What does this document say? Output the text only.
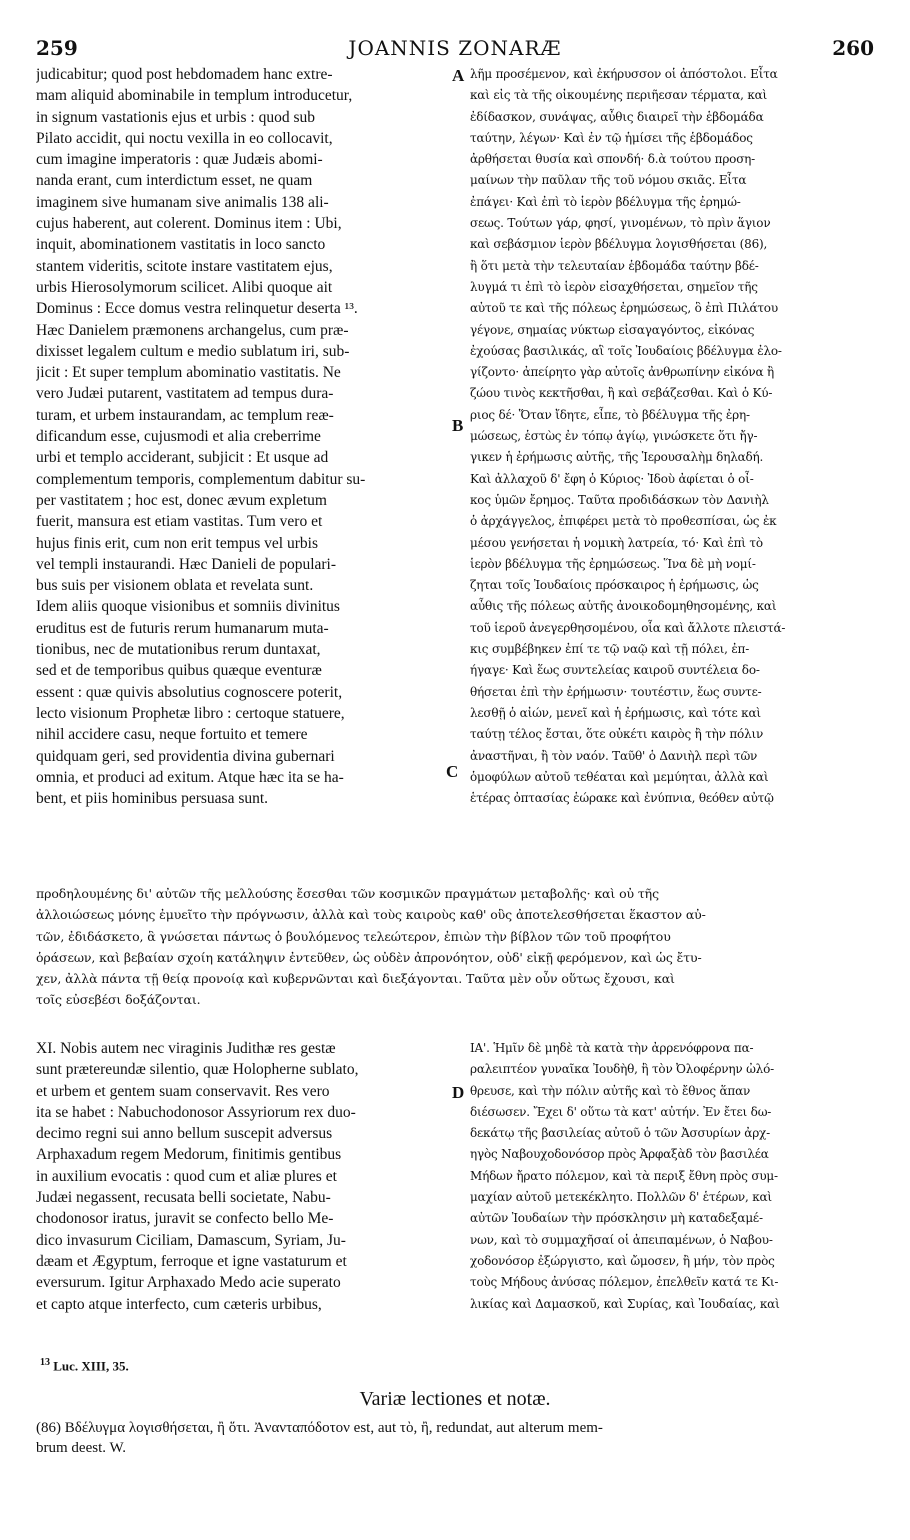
259	JOANNIS ZONARÆ	260
A
B
C
D
judicabitur; quod post hebdomadem hanc extre-
mam aliquid abominabile in templum introducetur,
in signum vastationis ejus et urbis : quod sub
Pilato accidit, qui noctu vexilla in eo collocavit,
cum imagine imperatoris : quæ Judæis abomi-
nanda erant, cum interdictum esset, ne quam
imaginem sive humanam sive animalis 138 ali-
cujus haberent, aut colerent. Dominus item : Ubi,
inquit, abominationem vastitatis in loco sancto
stantem videritis, scitote instare vastitatem ejus,
urbis Hierosolymorum scilicet. Alibi quoque ait
Dominus : Ecce domus vestra relinquetur deserta ¹³.
Hæc Danielem præmonens archangelus, cum præ-
dixisset legalem cultum e medio sublatum iri, sub-
jicit : Et super templum abominatio vastitatis. Ne
vero Judæi putarent, vastitatem ad tempus dura-
turam, et urbem instaurandam, ac templum reæ-
dificandum esse, cujusmodi et alia creberrime
urbi et templo acciderant, subjicit : Et usque ad
complementum temporis, complementum dabitur su-
per vastitatem ; hoc est, donec ævum expletum
fuerit, mansura est etiam vastitas. Tum vero et
hujus finis erit, cum non erit tempus vel urbis
vel templi instaurandi. Hæc Danieli de populari-
bus suis per visionem oblata et revelata sunt.
Idem aliis quoque visionibus et somniis divinitus
eruditus est de futuris rerum humanarum muta-
tionibus, nec de mutationibus rerum duntaxat,
sed et de temporibus quibus quæque eventuræ
essent : quæ quivis absolutius cognoscere poterit,
lecto visionum Prophetæ libro : certoque statuere,
nihil accidere casu, neque fortuito et temere
quidquam geri, sed providentia divina gubernari
omnia, et produci ad exitum. Atque hæc ita se ha-
bent, et piis hominibus persuasa sunt.
λῆμ προσέμενον, καὶ ἐκήρυσσον οἱ ἀπόστολοι. Εἶτα
καὶ εἰς τὰ τῆς οἰκουμένης περιῆεσαν τέρματα, καὶ
ἐδίδασκον, συνάψας, αὖθις διαιρεῖ τὴν ἑβδομάδα
ταύτην, λέγων· Καὶ ἐν τῷ ἡμίσει τῆς ἑβδομάδος
ἀρθήσεται θυσία καὶ σπονδή· δ.ὰ τούτου προση-
μαίνων τὴν παῦλαν τῆς τοῦ νόμου σκιᾶς. Εἶτα
ἐπάγει· Καὶ ἐπὶ τὸ ἱερὸν βδέλυγμα τῆς ἐρημώ-
σεως. Τούτων γάρ, φησί, γινομένων, τὸ πρὶν ἅγιον
καὶ σεβάσμιον ἱερὸν βδέλυγμα λογισθήσεται (86),
ἢ ὅτι μετὰ τὴν τελευταίαν ἑβδομάδα ταύτην βδέ-
λυγμά τι ἐπὶ τὸ ἱερὸν εἰσαχθήσεται, σημεῖον τῆς
αὐτοῦ τε καὶ τῆς πόλεως ἐρημώσεως, ὃ ἐπὶ Πιλάτου
γέγονε, σημαίας νύκτωρ εἰσαγαγόντος, εἰκόνας
ἐχούσας βασιλικάς, αἳ τοῖς Ἰουδαίοις βδέλυγμα ἐλο-
γίζοντο· ἀπείρητο γὰρ αὐτοῖς ἀνθρωπίνην εἰκόνα ἢ
ζώου τινὸς κεκτῆσθαι, ἢ καὶ σεβάζεσθαι. Καὶ ὁ Κύ-
ριος δέ· Ὅταν ἴδητε, εἶπε, τὸ βδέλυγμα τῆς ἐρη-
μώσεως, ἑστὼς ἐν τόπῳ ἁγίῳ, γινώσκετε ὅτι ἤγ-
γικεν ἡ ἐρήμωσις αὐτῆς, τῆς Ἱερουσαλὴμ δηλαδή.
Καὶ ἀλλαχοῦ δ' ἔφη ὁ Κύριος· Ἰδοὺ ἀφίεται ὁ οἶ-
κος ὑμῶν ἔρημος. Ταῦτα προδιδάσκων τὸν Δανιὴλ
ὁ ἀρχάγγελος, ἐπιφέρει μετὰ τὸ προθεσπίσαι, ὡς ἐκ
μέσου γενήσεται ἡ νομικὴ λατρεία, τό· Καὶ ἐπὶ τὸ
ἱερὸν βδέλυγμα τῆς ἐρημώσεως. Ἵνα δὲ μὴ νομί-
ζηται τοῖς Ἰουδαίοις πρόσκαιρος ἡ ἐρήμωσις, ὡς
αὖθις τῆς πόλεως αὐτῆς ἀνοικοδομηθησομένης, καὶ
τοῦ ἱεροῦ ἀνεγερθησομένου, οἷα καὶ ἄλλοτε πλειστά-
κις συμβέβηκεν ἐπί τε τῷ ναῷ καὶ τῇ πόλει, ἐπ-
ήγαγε· Καὶ ἕως συντελείας καιροῦ συντέλεια δο-
θήσεται ἐπὶ τὴν ἐρήμωσιν· τουτέστιν, ἕως συντε-
λεσθῇ ὁ αἰών, μενεῖ καὶ ἡ ἐρήμωσις, καὶ τότε καὶ
ταύτῃ τέλος ἔσται, ὅτε οὐκέτι καιρὸς ἢ τὴν πόλιν
ἀναστῆναι, ἢ τὸν ναόν. Ταῦθ' ὁ Δανιὴλ περὶ τῶν
ὁμοφύλων αὐτοῦ τεθέαται καὶ μεμύηται, ἀλλὰ καὶ
ἑτέρας ὀπτασίας ἑώρακε καὶ ἐνύπνια, θεόθεν αὐτῷ
προδηλουμένης δι' αὐτῶν τῆς μελλούσης ἔσεσθαι τῶν κοσμικῶν πραγμάτων μεταβολῆς· καὶ οὐ τῆς
ἀλλοιώσεως μόνης ἐμυεῖτο τὴν πρόγνωσιν, ἀλλὰ καὶ τοὺς καιροὺς καθ' οὓς ἀποτελεσθήσεται ἕκαστον αὐ-
τῶν, ἐδιδάσκετο, ἃ γνώσεται πάντως ὁ βουλόμενος τελεώτερον, ἐπιὼν τὴν βίβλον τῶν τοῦ προφήτου
ὁράσεων, καὶ βεβαίαν σχοίη κατάληψιν ἐντεῦθεν, ὡς οὐδὲν ἀπρονόητον, οὐδ' εἰκῇ φερόμενον, καὶ ὡς ἔτυ-
χεν, ἀλλὰ πάντα τῇ θείᾳ προνοίᾳ καὶ κυβερνῶνται καὶ διεξάγονται. Ταῦτα μὲν οὖν οὕτως ἔχουσι, καὶ
τοῖς εὐσεβέσι δοξάζονται.
XI. Nobis autem nec viraginis Judithæ res gestæ
sunt prætereundæ silentio, quæ Holopherne sublato,
et urbem et gentem suam conservavit. Res vero
ita se habet : Nabuchodonosor Assyriorum rex duo-
decimo regni sui anno bellum suscepit adversus
Arphaxadum regem Medorum, finitimis gentibus
in auxilium evocatis : quod cum et aliæ plures et
Judæi negassent, recusata belli societate, Nabu-
chodonosor iratus, juravit se confecto bello Me-
dico invasurum Ciciliam, Damascum, Syriam, Ju-
dæam et Ægyptum, ferroque et igne vastaturum et
eversurum. Igitur Arphaxado Medo acie superato
et capto atque interfecto, cum cæteris urbibus,
ΙΑ'. Ἡμῖν δὲ μηδὲ τὰ κατὰ τὴν ἀρρενόφρονα πα-
ραλειπτέον γυναῖκα Ἰουδὴθ, ἣ τὸν Ὀλοφέρνην ὠλό-
θρευσε, καὶ τὴν πόλιν αὐτῆς καὶ τὸ ἔθνος ἅπαν
διέσωσεν. Ἔχει δ' οὕτω τὰ κατ' αὐτήν. Ἐν ἔτει δω-
δεκάτῳ τῆς βασιλείας αὐτοῦ ὁ τῶν Ἀσσυρίων ἀρχ-
ηγὸς Ναβουχοδονόσορ πρὸς Ἀρφαξὰδ τὸν βασιλέα
Μήδων ἤρατο πόλεμον, καὶ τὰ περιξ ἔθνη πρὸς συμ-
μαχίαν αὐτοῦ μετεκέκλητο. Πολλῶν δ' ἑτέρων, καὶ
αὐτῶν Ἰουδαίων τὴν πρόσκλησιν μὴ καταδεξαμέ-
νων, καὶ τὸ συμμαχῆσαί οἱ ἀπειπαμένων, ὁ Ναβου-
χοδονόσορ ἐξώργιστο, καὶ ὤμοσεν, ἢ μήν, τὸν πρὸς
τοὺς Μήδους ἀνύσας πόλεμον, ἐπελθεῖν κατά τε Κι-
λικίας καὶ Δαμασκοῦ, καὶ Συρίας, καὶ Ἰουδαίας, καὶ
$^{13}$ Luc. XIII, 35.
Variæ lectiones et notæ.
(86) Βδέλυγμα λογισθήσεται, ἢ ὅτι. Ἀνανταπόδοτον est, aut τὸ, ἢ, redundat, aut alterum mem-
brum deest. W.
